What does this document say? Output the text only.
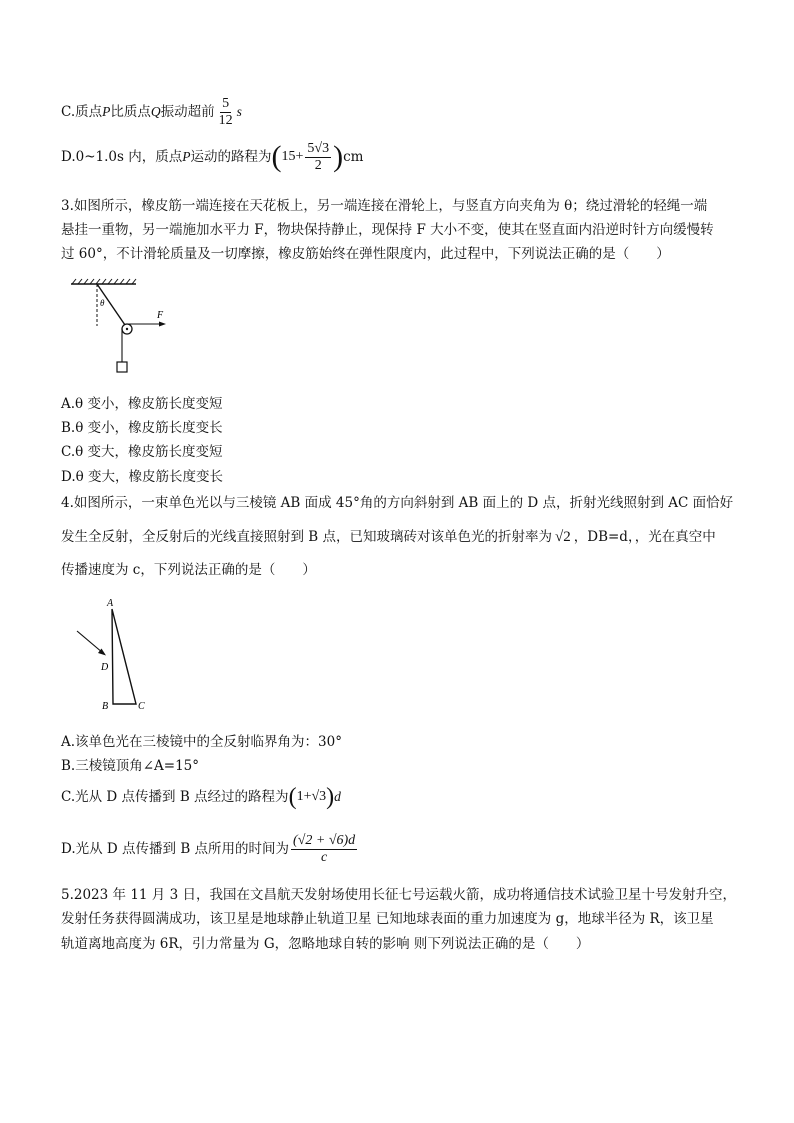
C.质点 P 比质点 Q 振动超前 $\frac{5}{12}$ s
D.0~1.0s 内，质点 P 运动的路程为 ( $15+ \frac{5√3}{2}$ ) cm
3.如图所示，橡皮筋一端连接在天花板上，另一端连接在滑轮上，与竖直方向夹角为 θ；绕过滑轮的轻绳一端
悬挂一重物，另一端施加水平力 F，物块保持静止，现保持 F 大小不变，使其在竖直面内沿逆时针方向缓慢转
过 60°，不计滑轮质量及一切摩擦，橡皮筋始终在弹性限度内，此过程中，下列说法正确的是（　　）
θ
F
A.θ 变小，橡皮筋长度变短
B.θ 变小，橡皮筋长度变长
C.θ 变大，橡皮筋长度变短
D.θ 变大，橡皮筋长度变长
4.如图所示，一束单色光以与三棱镜 AB 面成 45°角的方向斜射到 AB 面上的 D 点，折射光线照射到 AC 面恰好
发生全反射，全反射后的光线直接照射到 B 点，已知玻璃砖对该单色光的折射率为 √2 ，DB=d，，光在真空中
传播速度为 c，下列说法正确的是（　　）
A
D
B	C
A.该单色光在三棱镜中的全反射临界角为：30°
B.三棱镜顶角∠A=15°
C.光从 D 点传播到 B 点经过的路程为 ( 1+√3 ) d
D.光从 D 点传播到 B 点所用的时间为 $\frac{(√2 + √6)d}{c}$
5.2023 年 11 月 3 日，我国在文昌航天发射场使用长征七号运载火箭，成功将通信技术试验卫星十号发射升空，
发射任务获得圆满成功，该卫星是地球静止轨道卫星 已知地球表面的重力加速度为 g，地球半径为 R，该卫星
轨道离地高度为 6R，引力常量为 G，忽略地球自转的影响 则下列说法正确的是（　　）
